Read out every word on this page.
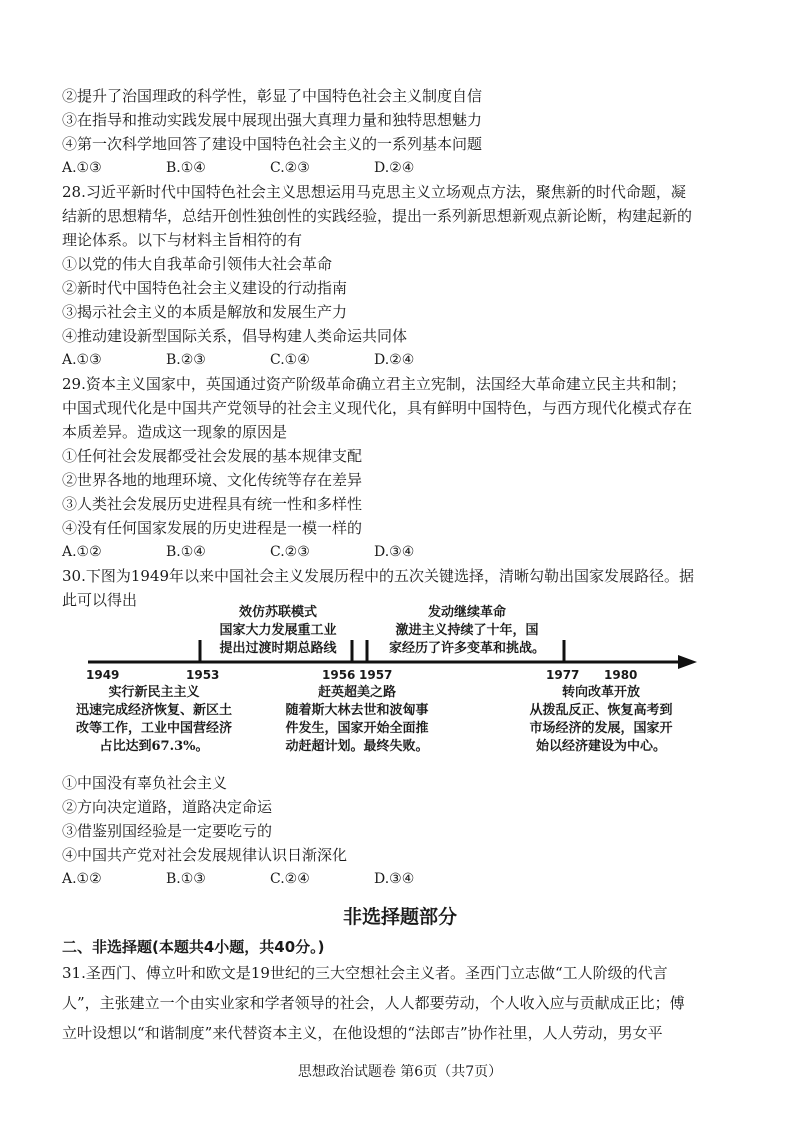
②提升了治国理政的科学性，彰显了中国特色社会主义制度自信
③在指导和推动实践发展中展现出强大真理力量和独特思想魅力
④第一次科学地回答了建设中国特色社会主义的一系列基本问题
A.①③	B.①④	C.②③	D.②④
28.习近平新时代中国特色社会主义思想运用马克思主义立场观点方法，聚焦新的时代命题，凝
结新的思想精华，总结开创性独创性的实践经验，提出一系列新思想新观点新论断，构建起新的
理论体系。以下与材料主旨相符的有
①以党的伟大自我革命引领伟大社会革命
②新时代中国特色社会主义建设的行动指南
③揭示社会主义的本质是解放和发展生产力
④推动建设新型国际关系，倡导构建人类命运共同体
A.①③	B.②③	C.①④	D.②④
29.资本主义国家中，英国通过资产阶级革命确立君主立宪制，法国经大革命建立民主共和制；
中国式现代化是中国共产党领导的社会主义现代化，具有鲜明中国特色，与西方现代化模式存在
本质差异。造成这一现象的原因是
①任何社会发展都受社会发展的基本规律支配
②世界各地的地理环境、文化传统等存在差异
③人类社会发展历史进程具有统一性和多样性
④没有任何国家发展的历史进程是一模一样的
A.①②	B.①④	C.②③	D.③④
30.下图为1949年以来中国社会主义发展历程中的五次关键选择，清晰勾勒出国家发展路径。据
此可以得出
1949	1953	1956 1957	1977 1980
效仿苏联模式
国家大力发展重工业
提出过渡时期总路线
发动继续革命
激进主义持续了十年，国
家经历了许多变革和挑战。
实行新民主主义
迅速完成经济恢复、新区土
改等工作，工业中国营经济
占比达到67.3%。
赶英超美之路
随着斯大林去世和波匈事
件发生，国家开始全面推
动赶超计划。最终失败。
转向改革开放
从拨乱反正、恢复高考到
市场经济的发展，国家开
始以经济建设为中心。
①中国没有辜负社会主义
②方向决定道路，道路决定命运
③借鉴别国经验是一定要吃亏的
④中国共产党对社会发展规律认识日渐深化
A.①②	B.①③	C.②④	D.③④
非选择题部分
二、非选择题(本题共4小题，共40分。)
31.圣西门、傅立叶和欧文是19世纪的三大空想社会主义者。圣西门立志做“工人阶级的代言
人”，主张建立一个由实业家和学者领导的社会，人人都要劳动，个人收入应与贡献成正比；傅
立叶设想以“和谐制度”来代替资本主义，在他设想的“法郎吉”协作社里，人人劳动，男女平
思想政治试题卷 第6页（共7页）
